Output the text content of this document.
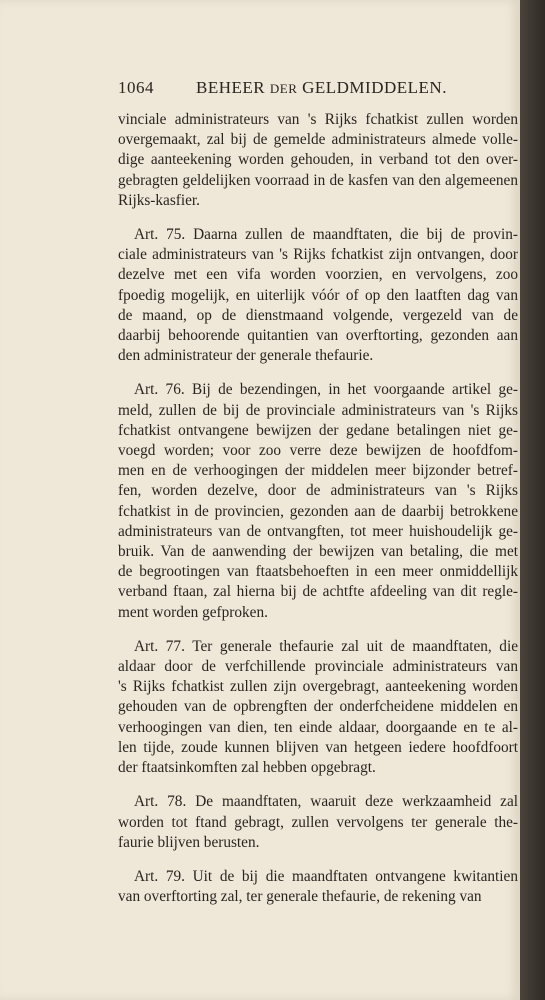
1064	BEHEER DER GELDMIDDELEN.
vinciale administrateurs van 's Rijks fchatkist zullen worden
overgemaakt, zal bij de gemelde administrateurs almede volle-
dige aanteekening worden gehouden, in verband tot den over-
gebragten geldelijken voorraad in de kasfen van den algemeenen
Rijks-kasfier.
Art. 75. Daarna zullen de maandftaten, die bij de provin-
ciale administrateurs van 's Rijks fchatkist zijn ontvangen, door
dezelve met een vifa worden voorzien, en vervolgens, zoo
fpoedig mogelijk, en uiterlijk vóór of op den laatften dag van
de maand, op de dienstmaand volgende, vergezeld van de
daarbij behoorende quitantien van overftorting, gezonden aan
den administrateur der generale thefaurie.
Art. 76. Bij de bezendingen, in het voorgaande artikel ge-
meld, zullen de bij de provinciale administrateurs van 's Rijks
fchatkist ontvangene bewijzen der gedane betalingen niet ge-
voegd worden; voor zoo verre deze bewijzen de hoofdfom-
men en de verhoogingen der middelen meer bijzonder betref-
fen, worden dezelve, door de administrateurs van 's Rijks
fchatkist in de provincien, gezonden aan de daarbij betrokkene
administrateurs van de ontvangften, tot meer huishoudelijk ge-
bruik. Van de aanwending der bewijzen van betaling, die met
de begrootingen van ftaatsbehoeften in een meer onmiddellijk
verband ftaan, zal hierna bij de achtfte afdeeling van dit regle-
ment worden gefproken.
Art. 77. Ter generale thefaurie zal uit de maandftaten, die
aldaar door de verfchillende provinciale administrateurs van
's Rijks fchatkist zullen zijn overgebragt, aanteekening worden
gehouden van de opbrengften der onderfcheidene middelen en
verhoogingen van dien, ten einde aldaar, doorgaande en te al-
len tijde, zoude kunnen blijven van hetgeen iedere hoofdfoort
der ftaatsinkomften zal hebben opgebragt.
Art. 78. De maandftaten, waaruit deze werkzaamheid zal
worden tot ftand gebragt, zullen vervolgens ter generale the-
faurie blijven berusten.
Art. 79. Uit de bij die maandftaten ontvangene kwitantien
van overftorting zal, ter generale thefaurie, de rekening van
